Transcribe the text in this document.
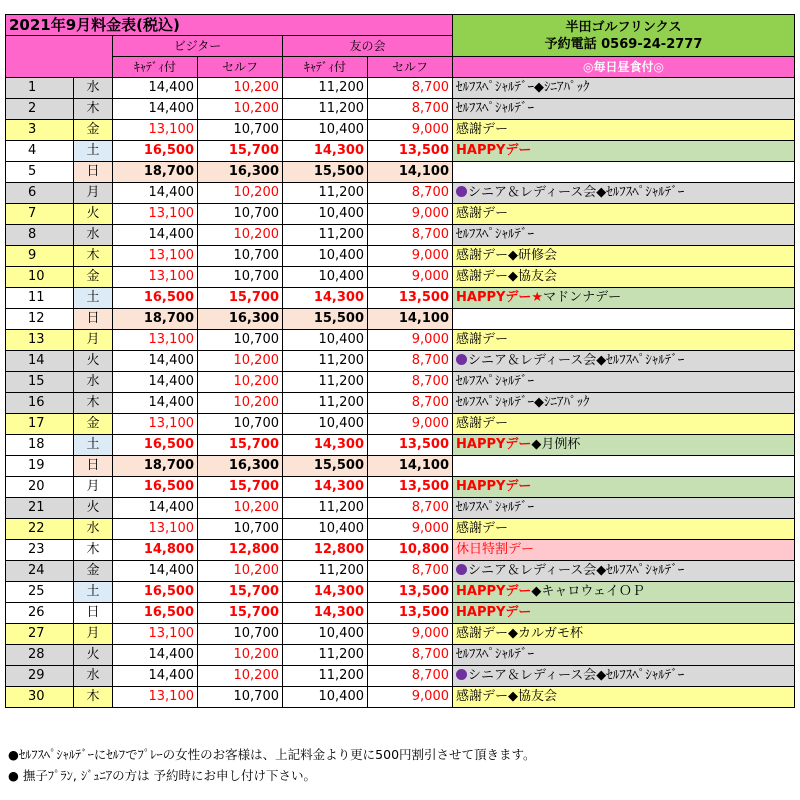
2021年9月料金表(税込)						半田ゴルフリンクス
予約電話 0569-24-2777

		ビジター		友の会		
		ｷｬﾃﾞｨ付	セルフ	ｷｬﾃﾞｨ付	セルフ	◎毎日昼食付◎
1	水	14,400	10,200	11,200	8,700	ｾﾙﾌｽﾍﾟｼｬﾙﾃﾞｰ◆ｼﾆｱﾊﾟｯｸ
2	木	14,400	10,200	11,200	8,700	ｾﾙﾌｽﾍﾟｼｬﾙﾃﾞｰ
3	金	13,100	10,700	10,400	9,000	感謝デー
4	土	16,500	15,700	14,300	13,500	HAPPYデー
5	日	18,700	16,300	15,500	14,100	
6	月	14,400	10,200	11,200	8,700	シニア＆レディース会◆ｾﾙﾌｽﾍﾟｼｬﾙﾃﾞｰ
7	火	13,100	10,700	10,400	9,000	感謝デー
8	水	14,400	10,200	11,200	8,700	ｾﾙﾌｽﾍﾟｼｬﾙﾃﾞｰ
9	木	13,100	10,700	10,400	9,000	感謝デー◆研修会
10	金	13,100	10,700	10,400	9,000	感謝デー◆協友会
11	土	16,500	15,700	14,300	13,500	HAPPYデー★マドンナデー
12	日	18,700	16,300	15,500	14,100	
13	月	13,100	10,700	10,400	9,000	感謝デー
14	火	14,400	10,200	11,200	8,700	シニア＆レディース会◆ｾﾙﾌｽﾍﾟｼｬﾙﾃﾞｰ
15	水	14,400	10,200	11,200	8,700	ｾﾙﾌｽﾍﾟｼｬﾙﾃﾞｰ
16	木	14,400	10,200	11,200	8,700	ｾﾙﾌｽﾍﾟｼｬﾙﾃﾞｰ◆ｼﾆｱﾊﾟｯｸ
17	金	13,100	10,700	10,400	9,000	感謝デー
18	土	16,500	15,700	14,300	13,500	HAPPYデー◆月例杯
19	日	18,700	16,300	15,500	14,100	
20	月	16,500	15,700	14,300	13,500	HAPPYデー
21	火	14,400	10,200	11,200	8,700	ｾﾙﾌｽﾍﾟｼｬﾙﾃﾞｰ
22	水	13,100	10,700	10,400	9,000	感謝デー
23	木	14,800	12,800	12,800	10,800	休日特割デー
24	金	14,400	10,200	11,200	8,700	シニア＆レディース会◆ｾﾙﾌｽﾍﾟｼｬﾙﾃﾞｰ
25	土	16,500	15,700	14,300	13,500	HAPPYデー◆キャロウェイＯＰ
26	日	16,500	15,700	14,300	13,500	HAPPYデー
27	月	13,100	10,700	10,400	9,000	感謝デー◆カルガモ杯
28	火	14,400	10,200	11,200	8,700	ｾﾙﾌｽﾍﾟｼｬﾙﾃﾞｰ
29	水	14,400	10,200	11,200	8,700	シニア＆レディース会◆ｾﾙﾌｽﾍﾟｼｬﾙﾃﾞｰ
30	木	13,100	10,700	10,400	9,000	感謝デー◆協友会
●ｾﾙﾌｽﾍﾟｼｬﾙﾃﾞｰにｾﾙﾌでﾌﾟﾚｰの女性のお客様は、上記料金より更に500円割引させて頂きます。
● 撫子ﾌﾟﾗﾝ, ｼﾞｭﾆｱの方は 予約時にお申し付け下さい。
